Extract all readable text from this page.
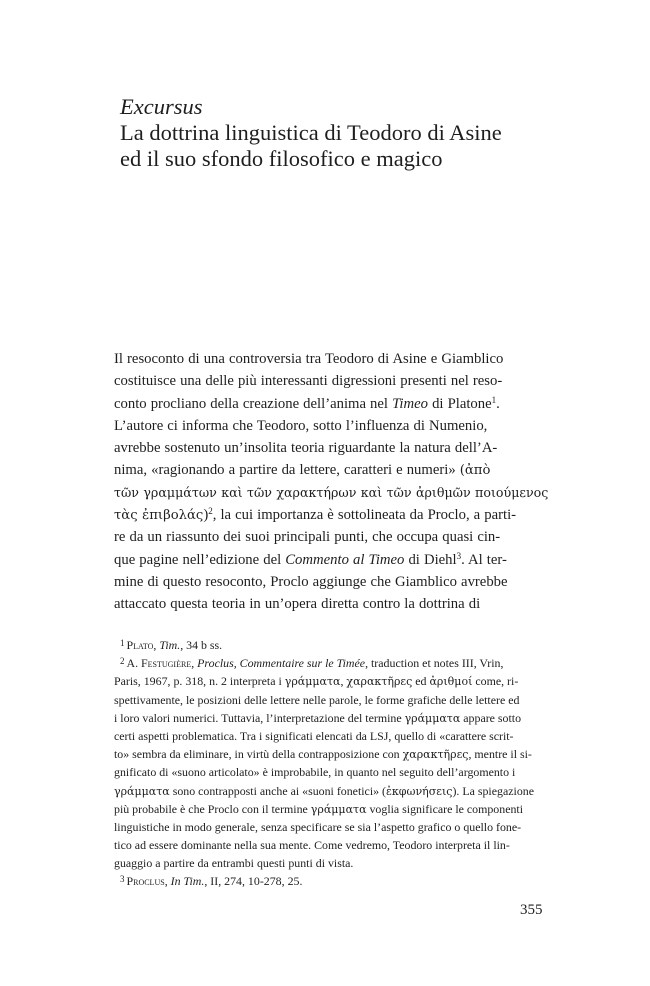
Excursus
La dottrina linguistica di Teodoro di Asine
ed il suo sfondo filosofico e magico
Il resoconto di una controversia tra Teodoro di Asine e Giamblico
costituisce una delle più interessanti digressioni presenti nel reso-
conto procliano della creazione dell’anima nel Timeo di Platone$^1$.
L’autore ci informa che Teodoro, sotto l’influenza di Numenio,
avrebbe sostenuto un’insolita teoria riguardante la natura dell’A-
nima, «ragionando a partire da lettere, caratteri e numeri» (ἀπὸ
τῶν γραμμάτων καὶ τῶν χαρακτήρων καὶ τῶν ἀριθμῶν ποιούμενος
τὰς ἐπιβολάς)$^2$, la cui importanza è sottolineata da Proclo, a parti-
re da un riassunto dei suoi principali punti, che occupa quasi cin-
que pagine nell’edizione del Commento al Timeo di Diehl$^3$. Al ter-
mine di questo resoconto, Proclo aggiunge che Giamblico avrebbe
attaccato questa teoria in un’opera diretta contro la dottrina di
$^1$ Plato, Tim., 34 b ss.
$^2$ A. Festugière, Proclus, Commentaire sur le Timée, traduction et notes III, Vrin,
Paris, 1967, p. 318, n. 2 interpreta i γράμματα, χαρακτῆρες ed ἀριθμοί come, ri-
spettivamente, le posizioni delle lettere nelle parole, le forme grafiche delle lettere ed
i loro valori numerici. Tuttavia, l’interpretazione del termine γράμματα appare sotto
certi aspetti problematica. Tra i significati elencati da LSJ, quello di «carattere scrit-
to» sembra da eliminare, in virtù della contrapposizione con χαρακτῆρες, mentre il si-
gnificato di «suono articolato» è improbabile, in quanto nel seguito dell’argomento i
γράμματα sono contrapposti anche ai «suoni fonetici» (ἐκφωνήσεις). La spiegazione
più probabile è che Proclo con il termine γράμματα voglia significare le componenti
linguistiche in modo generale, senza specificare se sia l’aspetto grafico o quello fone-
tico ad essere dominante nella sua mente. Come vedremo, Teodoro interpreta il lin-
guaggio a partire da entrambi questi punti di vista.
$^3$ Proclus, In Tim., II, 274, 10-278, 25.
355
